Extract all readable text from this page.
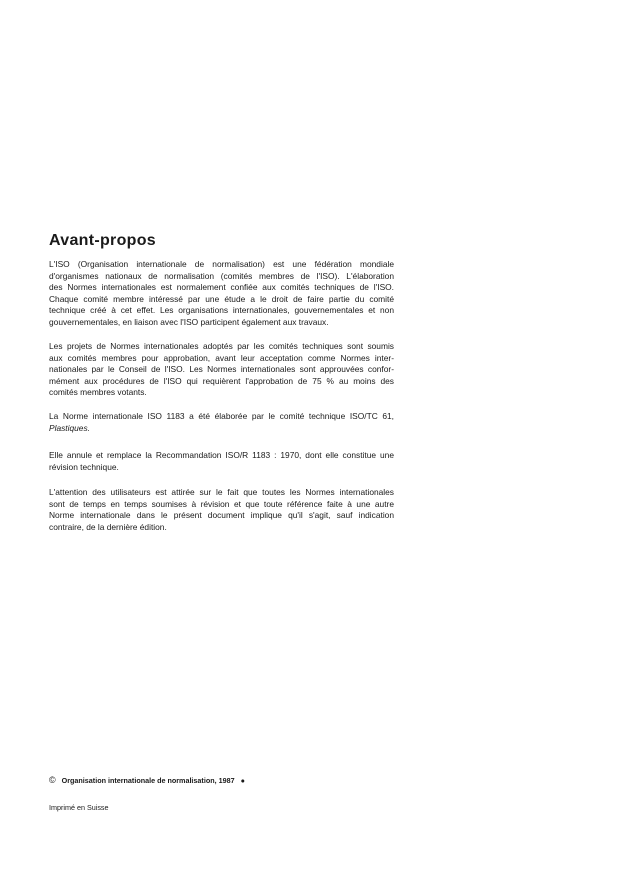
Avant-propos
L'ISO (Organisation internationale de normalisation) est une fédération mondiale
d'organismes nationaux de normalisation (comités membres de l'ISO). L'élaboration
des Normes internationales est normalement confiée aux comités techniques de l'ISO.
Chaque comité membre intéressé par une étude a le droit de faire partie du comité
technique créé à cet effet. Les organisations internationales, gouvernementales et non
gouvernementales, en liaison avec l'ISO participent également aux travaux.
Les projets de Normes internationales adoptés par les comités techniques sont soumis
aux comités membres pour approbation, avant leur acceptation comme Normes inter-
nationales par le Conseil de l'ISO. Les Normes internationales sont approuvées confor-
mément aux procédures de l'ISO qui requièrent l'approbation de 75 % au moins des
comités membres votants.
La Norme internationale ISO 1183 a été élaborée par le comité technique ISO/TC 61,
Plastiques.
Elle annule et remplace la Recommandation ISO/R 1183 : 1970, dont elle constitue une
révision technique.
L'attention des utilisateurs est attirée sur le fait que toutes les Normes internationales
sont de temps en temps soumises à révision et que toute référence faite à une autre
Norme internationale dans le présent document implique qu'il s'agit, sauf indication
contraire, de la dernière édition.
© Organisation internationale de normalisation, 1987 ●
Imprimé en Suisse
